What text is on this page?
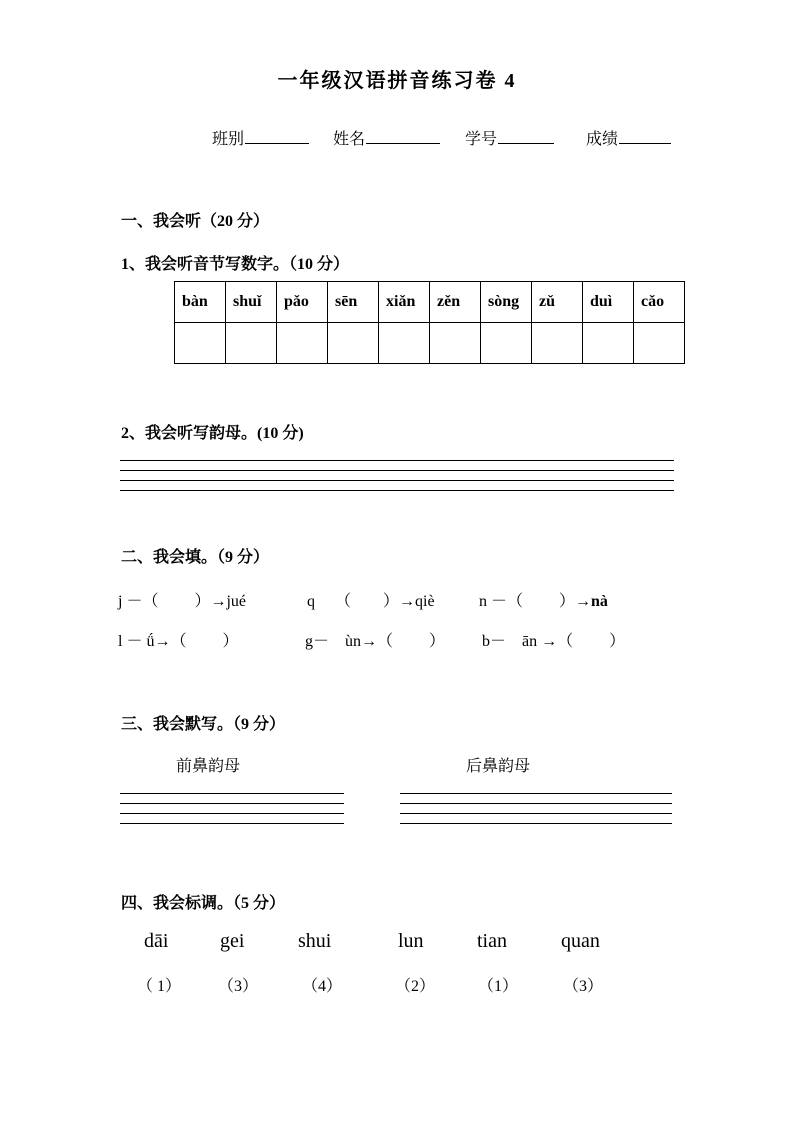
一年级汉语拼音练习卷 4
班别	姓名	学号	成绩
一、我会听（20 分）
1、我会听音节写数字。（10 分）
bàn	shuǐ	pǎo	sēn	xiǎn	zěn	sòng	zǔ	duì	cǎo

2、我会听写韵母。(10 分)
二、我会填。（9 分）
j －（ ）→jué	q （　　）→qiè	n －（ ）→nà
l － ǘ→（ ）	g－　ùn→（ ） b－　ān →（ ）
三、我会默写。（9 分）
前鼻韵母	后鼻韵母
四、我会标调。（5 分）
dāi	gei	shui	lun	tian	quan
（ 1） （3）	（4）	（2）	（1）	（3）
